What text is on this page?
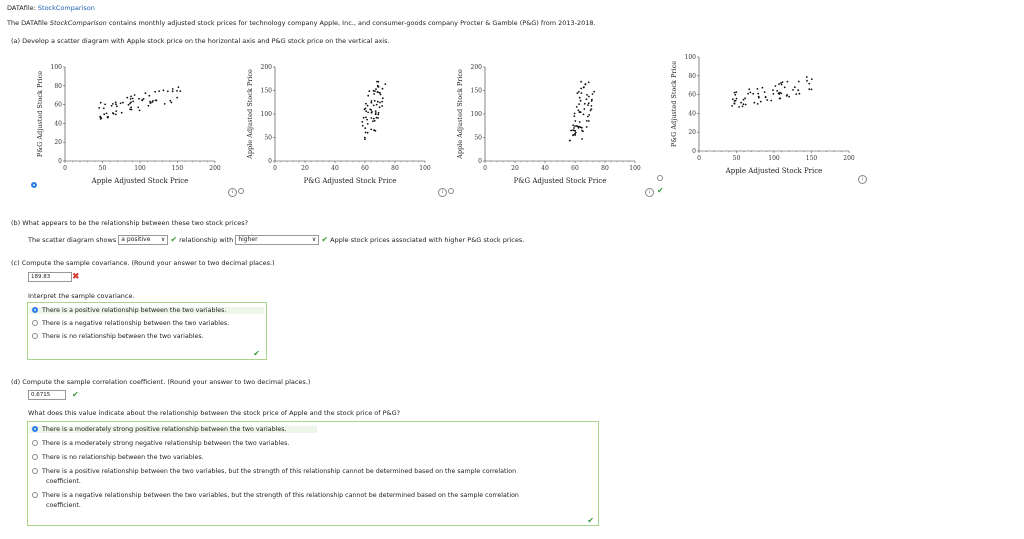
DATAfile: StockComparison
The DATAfile StockComparison contains monthly adjusted stock prices for technology company Apple, Inc., and consumer-goods company Procter & Gamble (P&G) from 2013-2018.
(a) Develop a scatter diagram with Apple stock price on the horizontal axis and P&G stock price on the vertical axis.
0
20
40
60
80
100
0	50	100	150	200
Apple Adjusted Stock Price
P&G Adjusted Stock Price
0
50
100
150
200
0	20	40	60	80	100
P&G Adjusted Stock Price
Apple Adjusted Stock Price
0
50
100
150
200
0	20	40	60	80	100
P&G Adjusted Stock Price
Apple Adjusted Stock Price	0
20
40
60
80
100
0	50	100	150	200
Apple Adjusted Stock Price
P&G Adjusted Stock Price
i	i	i ✔
i
(b) What appears to be the relationship between these two stock prices?
The scatter diagram shows a positive ∨ ✔ relationship with higher	∨ ✔ Apple stock prices associated with higher P&G stock prices.
(c) Compute the sample covariance. (Round your answer to two decimal places.)
189.83	✖
Interpret the sample covariance.
There is a positive relationship between the two variables.
There is a negative relationship between the two variables.
There is no relationship between the two variables.
✔
(d) Compute the sample correlation coefficient. (Round your answer to two decimal places.)
0.6715	✔
What does this value indicate about the relationship between the stock price of Apple and the stock price of P&G?
There is a moderately strong positive relationship between the two variables.
There is a moderately strong negative relationship between the two variables.
There is no relationship between the two variables.
There is a positive relationship between the two variables, but the strength of this relationship cannot be determined based on the sample correlation
coefficient.
There is a negative relationship between the two variables, but the strength of this relationship cannot be determined based on the sample correlation
coefficient.
✔
